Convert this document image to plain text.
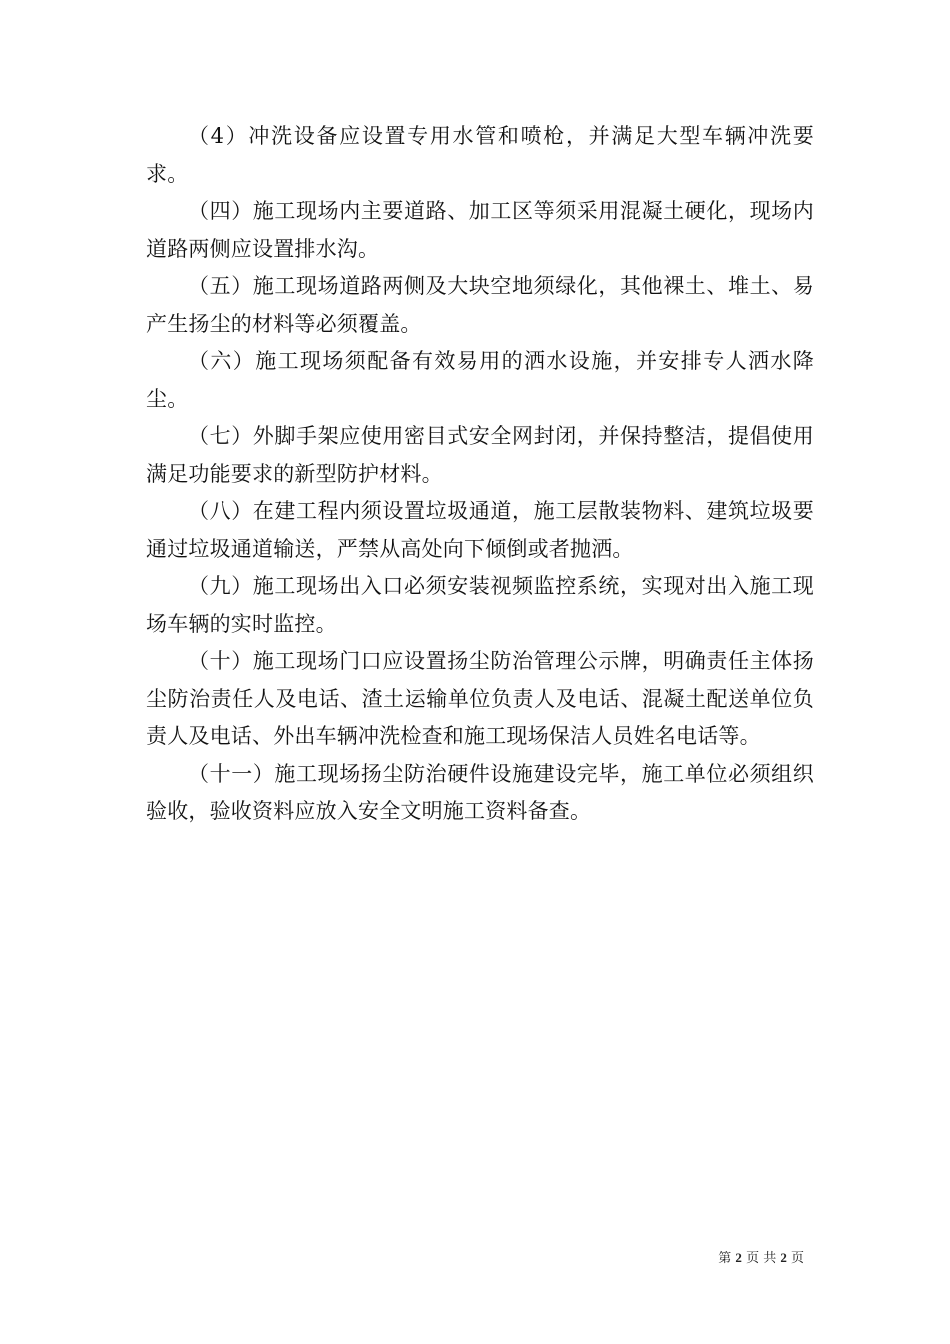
（4）冲洗设备应设置专用水管和喷枪，并满足大型车辆冲洗要求。

（四）施工现场内主要道路、加工区等须采用混凝土硬化，现场内道路两侧应设置排水沟。

（五）施工现场道路两侧及大块空地须绿化，其他裸土、堆土、易产生扬尘的材料等必须覆盖。

（六）施工现场须配备有效易用的洒水设施，并安排专人洒水降尘。

（七）外脚手架应使用密目式安全网封闭，并保持整洁，提倡使用满足功能要求的新型防护材料。

（八）在建工程内须设置垃圾通道，施工层散装物料、建筑垃圾要通过垃圾通道输送，严禁从高处向下倾倒或者抛洒。

（九）施工现场出入口必须安装视频监控系统，实现对出入施工现场车辆的实时监控。

（十）施工现场门口应设置扬尘防治管理公示牌，明确责任主体扬尘防治责任人及电话、渣土运输单位负责人及电话、混凝土配送单位负责人及电话、外出车辆冲洗检查和施工现场保洁人员姓名电话等。

（十一）施工现场扬尘防治硬件设施建设完毕，施工单位必须组织验收，验收资料应放入安全文明施工资料备查。

第 2 页 共 2 页
